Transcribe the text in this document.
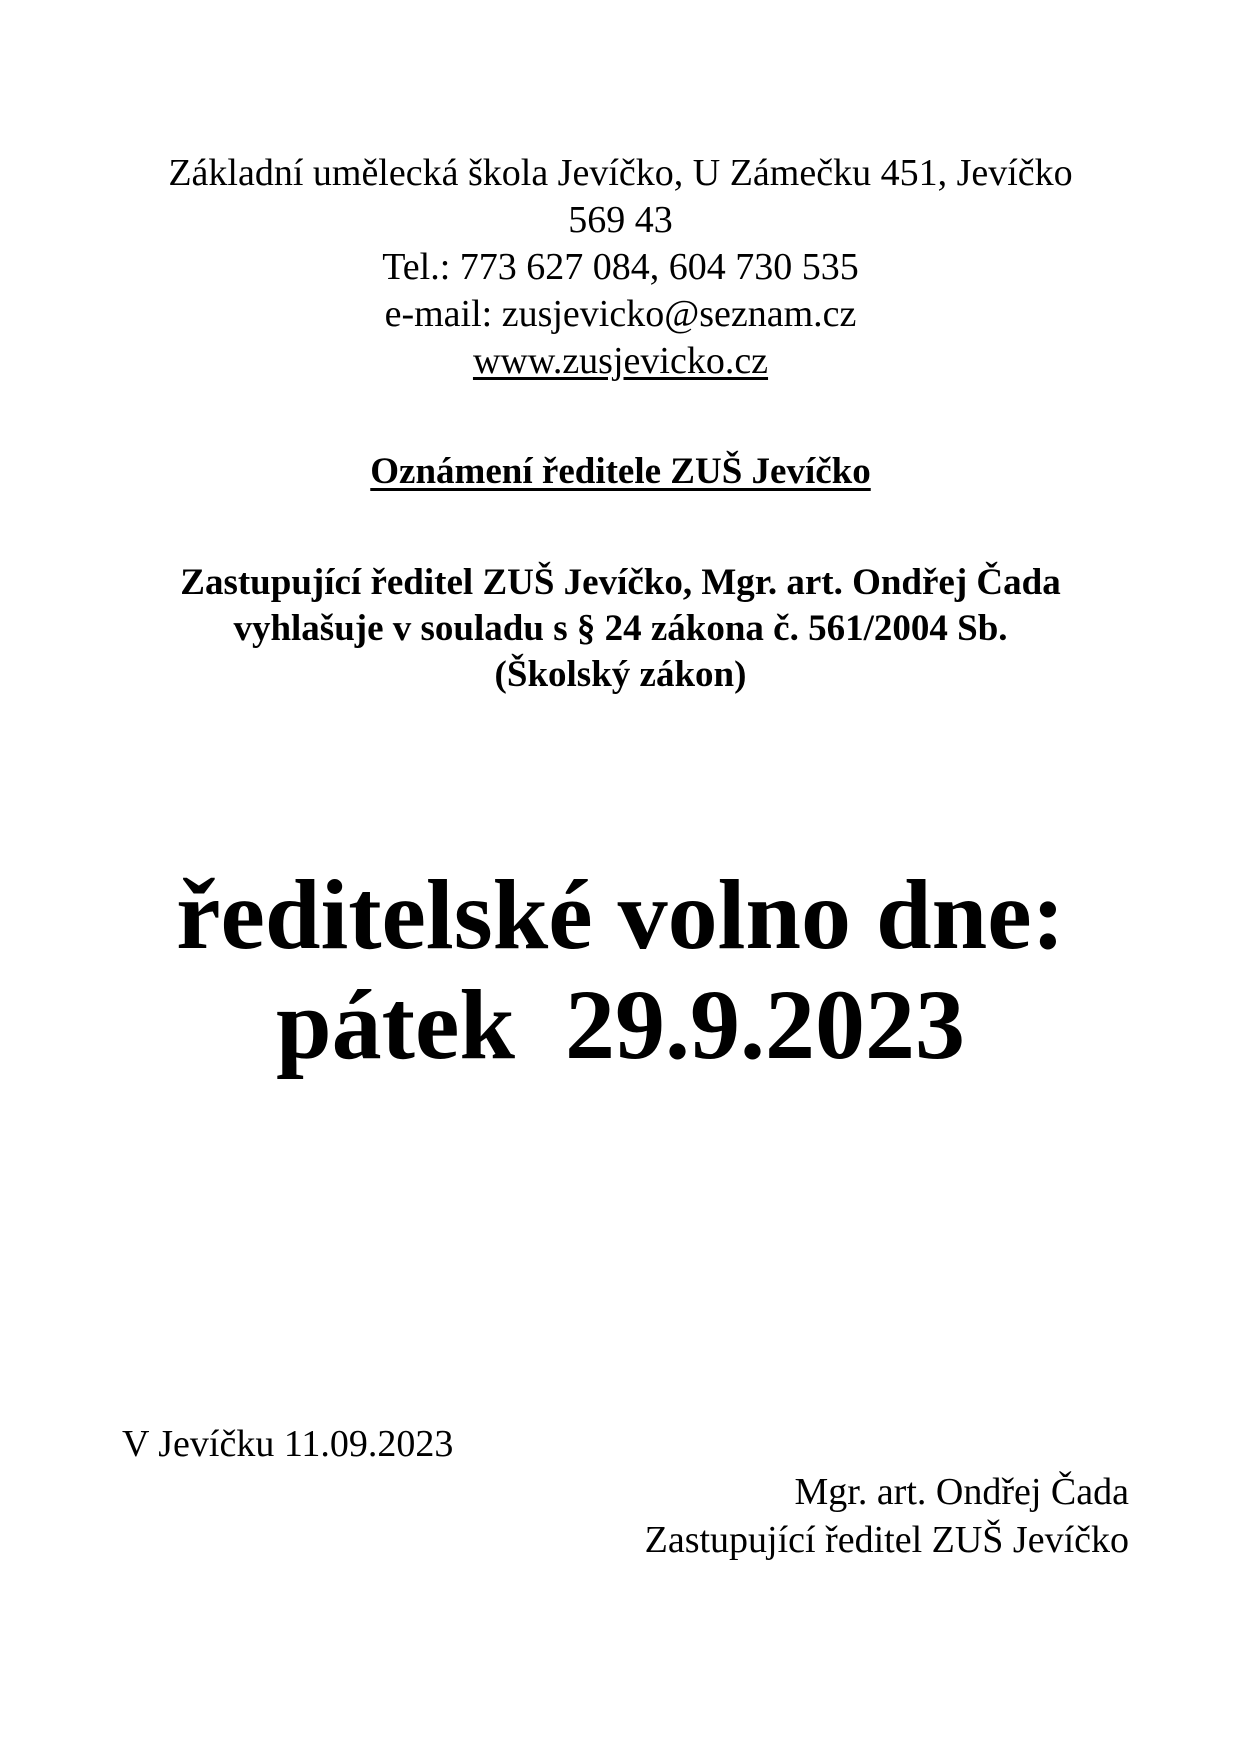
Základní umělecká škola Jevíčko, U Zámečku 451, Jevíčko
569 43
Tel.: 773 627 084, 604 730 535
e-mail: zusjevicko@seznam.cz
www.zusjevicko.cz
Oznámení ředitele ZUŠ Jevíčko
Zastupující ředitel ZUŠ Jevíčko, Mgr. art. Ondřej Čada
vyhlašuje v souladu s § 24 zákona č. 561/2004 Sb.
(Školský zákon)
ředitelské volno dne:
pátek  29.9.2023
V Jevíčku 11.09.2023
Mgr. art. Ondřej Čada
Zastupující ředitel ZUŠ Jevíčko
